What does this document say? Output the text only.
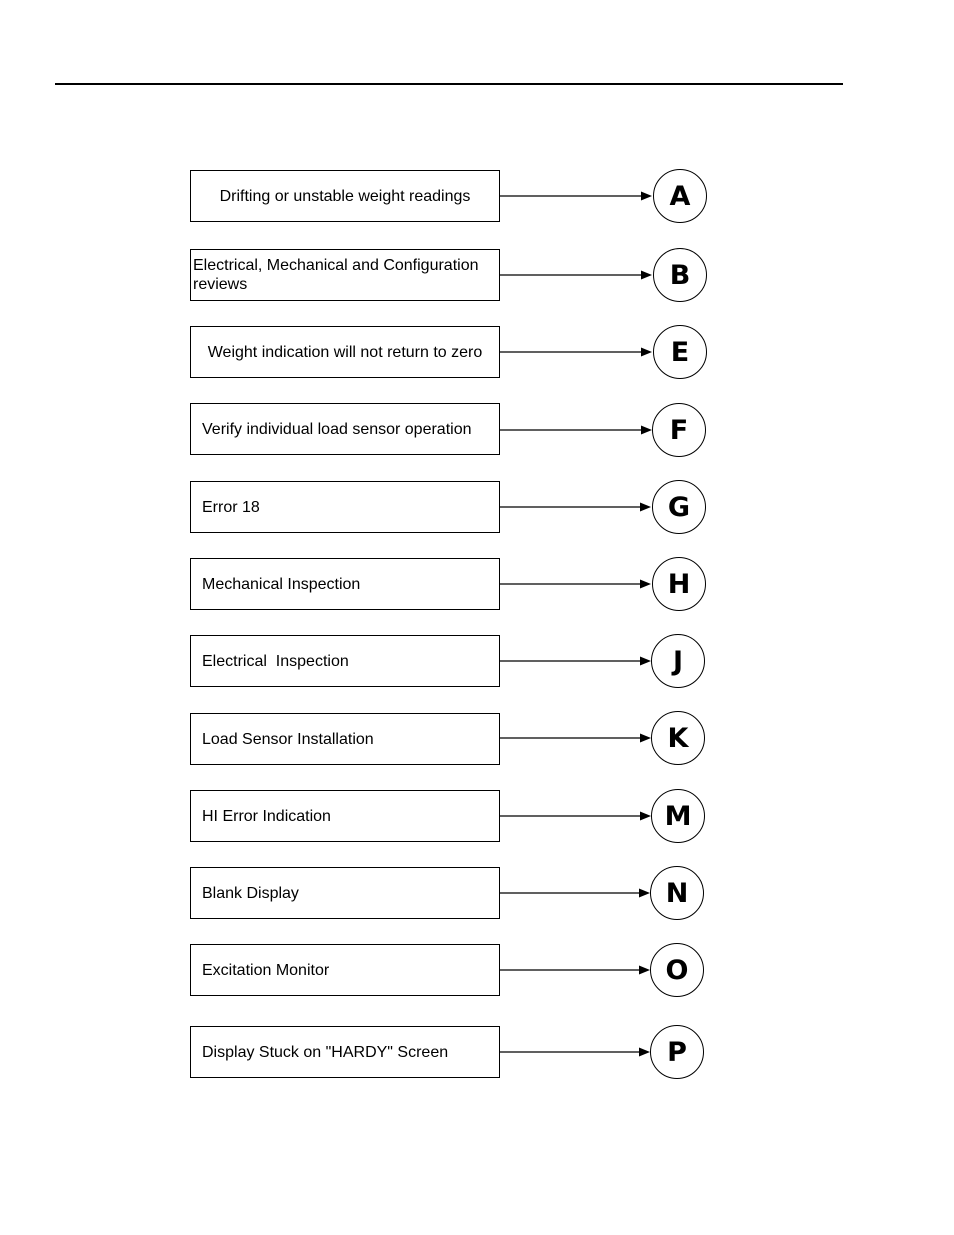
Drifting or unstable weight readings	A
Electrical, Mechanical and Configuration
reviews	B
Weight indication will not return to zero	E
Verify individual load sensor operation	F
Error 18	G
Mechanical Inspection	H
Electrical  Inspection	J
Load Sensor Installation	K
HI Error Indication	M
Blank Display	N
Excitation Monitor	O
Display Stuck on "HARDY" Screen	P
